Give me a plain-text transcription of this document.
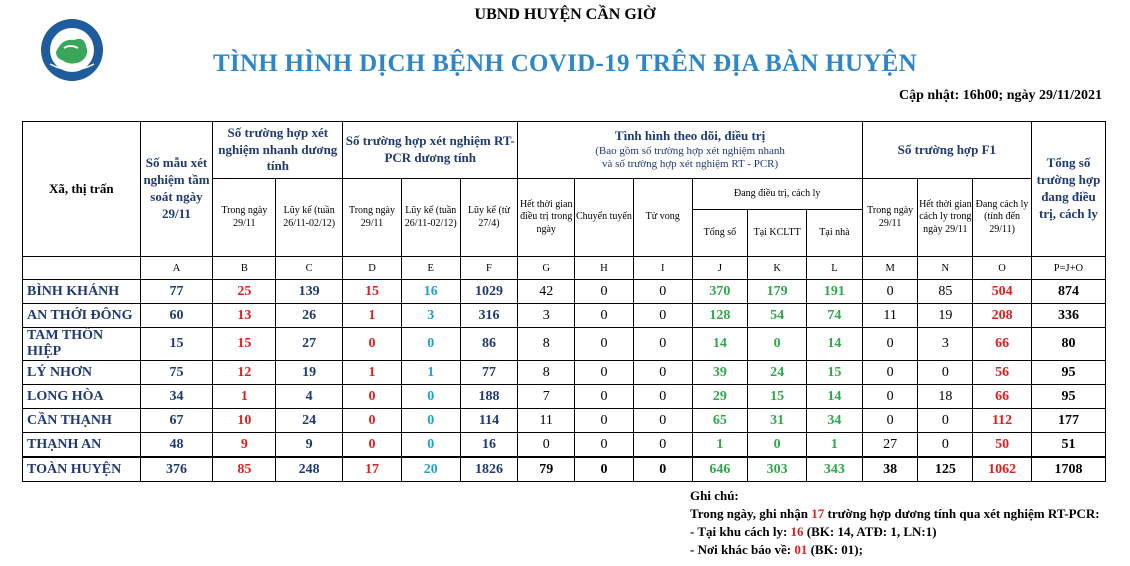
UBND HUYỆN CẦN GIỜ
TÌNH HÌNH DỊCH BỆNH COVID-19 TRÊN ĐỊA BÀN HUYỆN
Cập nhật: 16h00; ngày 29/11/2021
Xã, thị trấn	Số mẫu xét nghiệm tầm soát ngày 29/11	Số trường hợp xét nghiệm nhanh dương tính		Số trường hợp xét nghiệm RT-PCR dương tính			Tình hình theo dõi, điều trị
(Bao gồm số trường hợp xét nghiệm nhanh
và số trường hợp xét nghiệm RT - PCR)						Số trường hợp F1			Tổng số trường hợp đang điều trị, cách ly
		Trong ngày 29/11	Lũy kế (tuần 26/11-02/12)	Trong ngày 29/11	Lũy kế (tuần 26/11-02/12)	Lũy kế (từ 27/4)	Hết thời gian điều trị trong ngày	Chuyển tuyến	Tử vong	Đang điều trị, cách ly			Trong ngày 29/11	Hết thời gian cách ly trong ngày 29/11	Đang cách ly (tính đến 29/11)	
										Tổng số	Tại KCLTT	Tại nhà				
	A	B	C	D	E	F	G	H	I	J	K	L	M	N	O	P=J+O
BÌNH KHÁNH	77	25	139	15	16	1029	42	0	0	370	179	191	0	85	504	874
AN THỚI ĐÔNG	60	13	26	1	3	316	3	0	0	128	54	74	11	19	208	336
TAM THÔN HIỆP	15	15	27	0	0	86	8	0	0	14	0	14	0	3	66	80
LÝ NHƠN	75	12	19	1	1	77	8	0	0	39	24	15	0	0	56	95
LONG HÒA	34	1	4	0	0	188	7	0	0	29	15	14	0	18	66	95
CẦN THẠNH	67	10	24	0	0	114	11	0	0	65	31	34	0	0	112	177
THẠNH AN	48	9	9	0	0	16	0	0	0	1	0	1	27	0	50	51
TOÀN HUYỆN	376	85	248	17	20	1826	79	0	0	646	303	343	38	125	1062	1708
Ghi chú:
Trong ngày, ghi nhận 17 trường hợp dương tính qua xét nghiệm RT-PCR:
- Tại khu cách ly: 16 (BK: 14, ATĐ: 1, LN:1)
- Nơi khác báo về: 01 (BK: 01);
